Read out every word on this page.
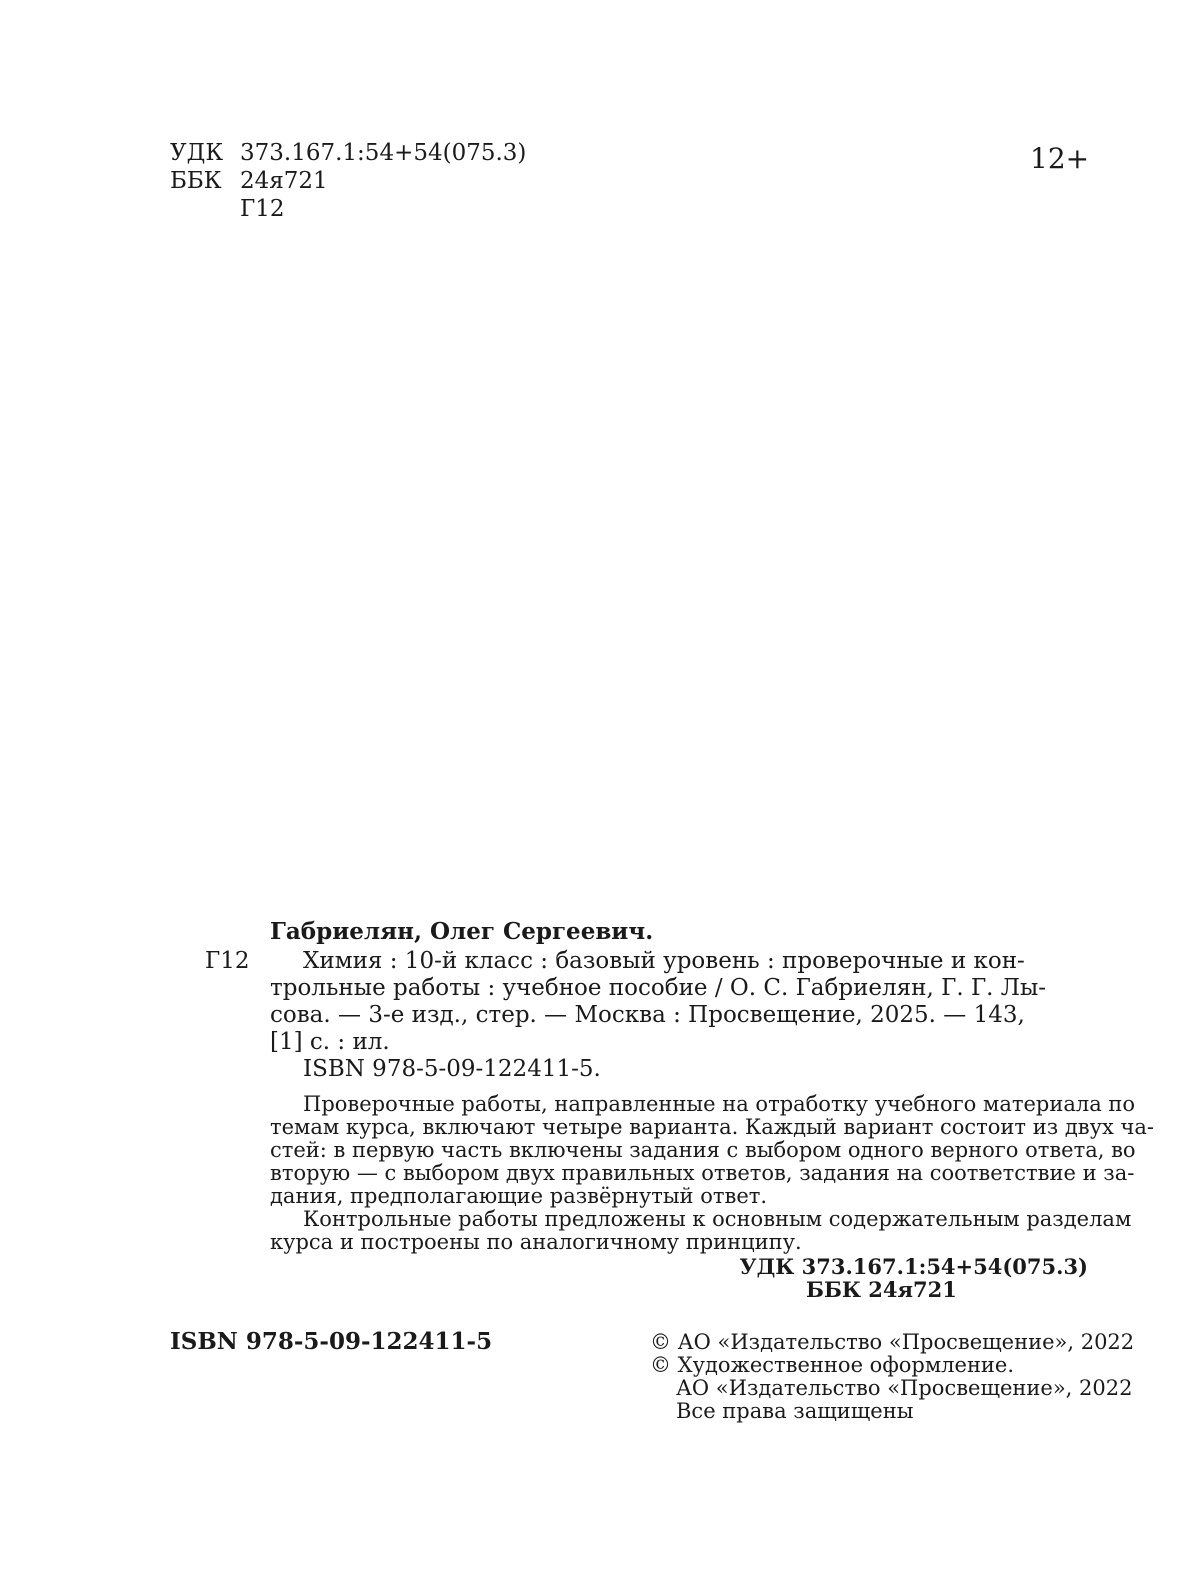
УДК 373.167.1:54+54(075.3)
ББК 24я721
Г12
12+
Габриелян, Олег Сергеевич.
Г12 Химия : 10-й класс : базовый уровень : проверочные и кон-
трольные работы : учебное пособие / О. С. Габриелян, Г. Г. Лы-
сова. — 3-е изд., стер. — Москва : Просвещение, 2025. — 143,
[1] с. : ил.
ISBN 978-5-09-122411-5.
Проверочные работы, направленные на отработку учебного материала по
темам курса, включают четыре варианта. Каждый вариант состоит из двух ча-
стей: в первую часть включены задания с выбором одного верного ответа, во
вторую — с выбором двух правильных ответов, задания на соответствие и за-
дания, предполагающие развёрнутый ответ.
Контрольные работы предложены к основным содержательным разделам
курса и построены по аналогичному принципу.
УДК 373.167.1:54+54(075.3)
ББК 24я721
ISBN 978-5-09-122411-5	© АО «Издательство «Просвещение», 2022
© Художественное оформление.
АО «Издательство «Просвещение», 2022
Все права защищены
